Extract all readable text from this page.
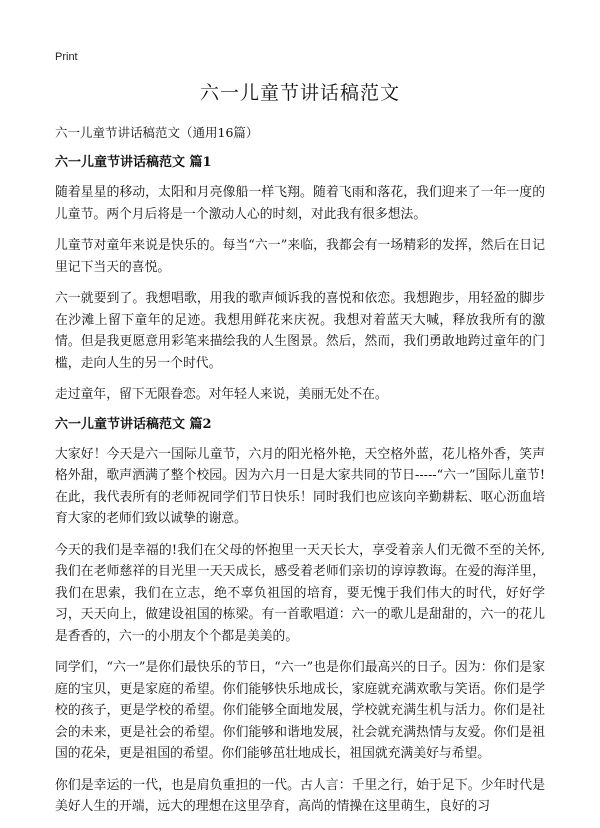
Print
六一儿童节讲话稿范文
六一儿童节讲话稿范文（通用16篇）
六一儿童节讲话稿范文 篇1

随着星星的移动，太阳和月亮像船一样飞翔。随着飞雨和落花，我们迎来了一年一度的儿童节。两个月后将是一个激动人心的时刻，对此我有很多想法。

儿童节对童年来说是快乐的。每当“六一”来临，我都会有一场精彩的发挥，然后在日记里记下当天的喜悦。

六一就要到了。我想唱歌，用我的歌声倾诉我的喜悦和依恋。我想跑步，用轻盈的脚步在沙滩上留下童年的足迹。我想用鲜花来庆祝。我想对着蓝天大喊，释放我所有的激情。但是我更愿意用彩笔来描绘我的人生图景。然后，然而，我们勇敢地跨过童年的门槛，走向人生的另一个时代。

走过童年，留下无限眷恋。对年轻人来说，美丽无处不在。

六一儿童节讲话稿范文 篇2

大家好！今天是六一国际儿童节，六月的阳光格外艳，天空格外蓝，花儿格外香，笑声格外甜，歌声洒满了整个校园。因为六月一日是大家共同的节日-----“六一”国际儿童节!在此，我代表所有的老师祝同学们节日快乐！同时我们也应该向辛勤耕耘、呕心沥血培育大家的老师们致以诚挚的谢意。

今天的我们是幸福的!我们在父母的怀抱里一天天长大，享受着亲人们无微不至的关怀,我们在老师慈祥的目光里一天天成长，感受着老师们亲切的谆谆教诲。在爱的海洋里，我们在思索，我们在立志，绝不辜负祖国的培育，要无愧于我们伟大的时代，好好学习，天天向上，做建设祖国的栋梁。有一首歌唱道：六一的歌儿是甜甜的，六一的花儿是香香的，六一的小朋友个个都是美美的。

同学们，“六一”是你们最快乐的节日，“六一”也是你们最高兴的日子。因为：你们是家庭的宝贝，更是家庭的希望。你们能够快乐地成长，家庭就充满欢歌与笑语。你们是学校的孩子，更是学校的希望。你们能够全面地发展，学校就充满生机与活力。你们是社会的未来，更是社会的希望。你们能够和谐地发展，社会就充满热情与友爱。你们是祖国的花朵，更是祖国的希望。你们能够茁壮地成长，祖国就充满美好与希望。

你们是幸运的一代，也是肩负重担的一代。古人言：千里之行，始于足下。少年时代是美好人生的开端，远大的理想在这里孕育，高尚的情操在这里萌生，良好的习
